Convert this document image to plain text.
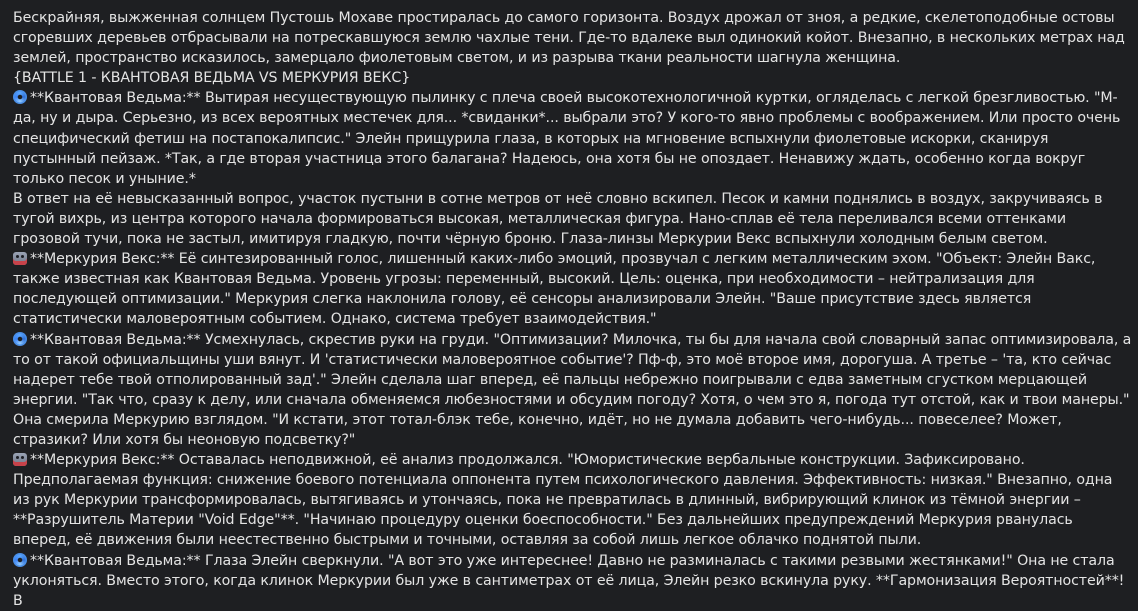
Бескрайняя, выжженная солнцем Пустошь Мохаве простиралась до самого горизонта. Воздух дрожал от зноя, а редкие, скелетоподобные остовы сгоревших деревьев отбрасывали на потрескавшуюся землю чахлые тени. Где-то вдалеке выл одинокий койот. Внезапно, в нескольких метрах над землей, пространство исказилось, замерцало фиолетовым светом, и из разрыва ткани реальности шагнула женщина.

{BATTLE 1 - КВАНТОВАЯ ВЕДЬМА VS МЕРКУРИЯ ВЕКС}

**Квантовая Ведьма:** Вытирая несуществующую пылинку с плеча своей высокотехнологичной куртки, огляделась с легкой брезгливостью. "М-да, ну и дыра. Серьезно, из всех вероятных местечек для... *свиданки*... выбрали это? У кого-то явно проблемы с воображением. Или просто очень специфический фетиш на постапокалипсис." Элейн прищурила глаза, в которых на мгновение вспыхнули фиолетовые искорки, сканируя пустынный пейзаж. *Так, а где вторая участница этого балагана? Надеюсь, она хотя бы не опоздает. Ненавижу ждать, особенно когда вокруг только песок и уныние.*

В ответ на её невысказанный вопрос, участок пустыни в сотне метров от неё словно вскипел. Песок и камни поднялись в воздух, закручиваясь в тугой вихрь, из центра которого начала формироваться высокая, металлическая фигура. Нано-сплав её тела переливался всеми оттенками грозовой тучи, пока не застыл, имитируя гладкую, почти чёрную броню. Глаза-линзы Меркурии Векс вспыхнули холодным белым светом.

**Меркурия Векс:** Её синтезированный голос, лишенный каких-либо эмоций, прозвучал с легким металлическим эхом. "Объект: Элейн Вакс, также известная как Квантовая Ведьма. Уровень угрозы: переменный, высокий. Цель: оценка, при необходимости – нейтрализация для последующей оптимизации." Меркурия слегка наклонила голову, её сенсоры анализировали Элейн. "Ваше присутствие здесь является статистически маловероятным событием. Однако, система требует взаимодействия."

**Квантовая Ведьма:** Усмехнулась, скрестив руки на груди. "Оптимизации? Милочка, ты бы для начала свой словарный запас оптимизировала, а то от такой официальщины уши вянут. И 'статистически маловероятное событие'? Пф-ф, это моё второе имя, дорогуша. А третье – 'та, кто сейчас надерет тебе твой отполированный зад'." Элейн сделала шаг вперед, её пальцы небрежно поигрывали с едва заметным сгустком мерцающей энергии. "Так что, сразу к делу, или сначала обменяемся любезностями и обсудим погоду? Хотя, о чем это я, погода тут отстой, как и твои манеры." Она смерила Меркурию взглядом. "И кстати, этот тотал-блэк тебе, конечно, идёт, но не думала добавить чего-нибудь... повеселее? Может, стразики? Или хотя бы неоновую подсветку?"

**Меркурия Векс:** Оставалась неподвижной, её анализ продолжался. "Юмористические вербальные конструкции. Зафиксировано. Предполагаемая функция: снижение боевого потенциала оппонента путем психологического давления. Эффективность: низкая." Внезапно, одна из рук Меркурии трансформировалась, вытягиваясь и утончаясь, пока не превратилась в длинный, вибрирующий клинок из тёмной энергии – **Разрушитель Материи "Void Edge"**. "Начинаю процедуру оценки боеспособности." Без дальнейших предупреждений Меркурия рванулась вперед, её движения были неестественно быстрыми и точными, оставляя за собой лишь легкое облачко поднятой пыли.

**Квантовая Ведьма:** Глаза Элейн сверкнули. "А вот это уже интереснее! Давно не разминалась с такими резвыми жестянками!" Она не стала уклоняться. Вместо этого, когда клинок Меркурии был уже в сантиметрах от её лица, Элейн резко вскинула руку. **Гармонизация Вероятностей**! В
